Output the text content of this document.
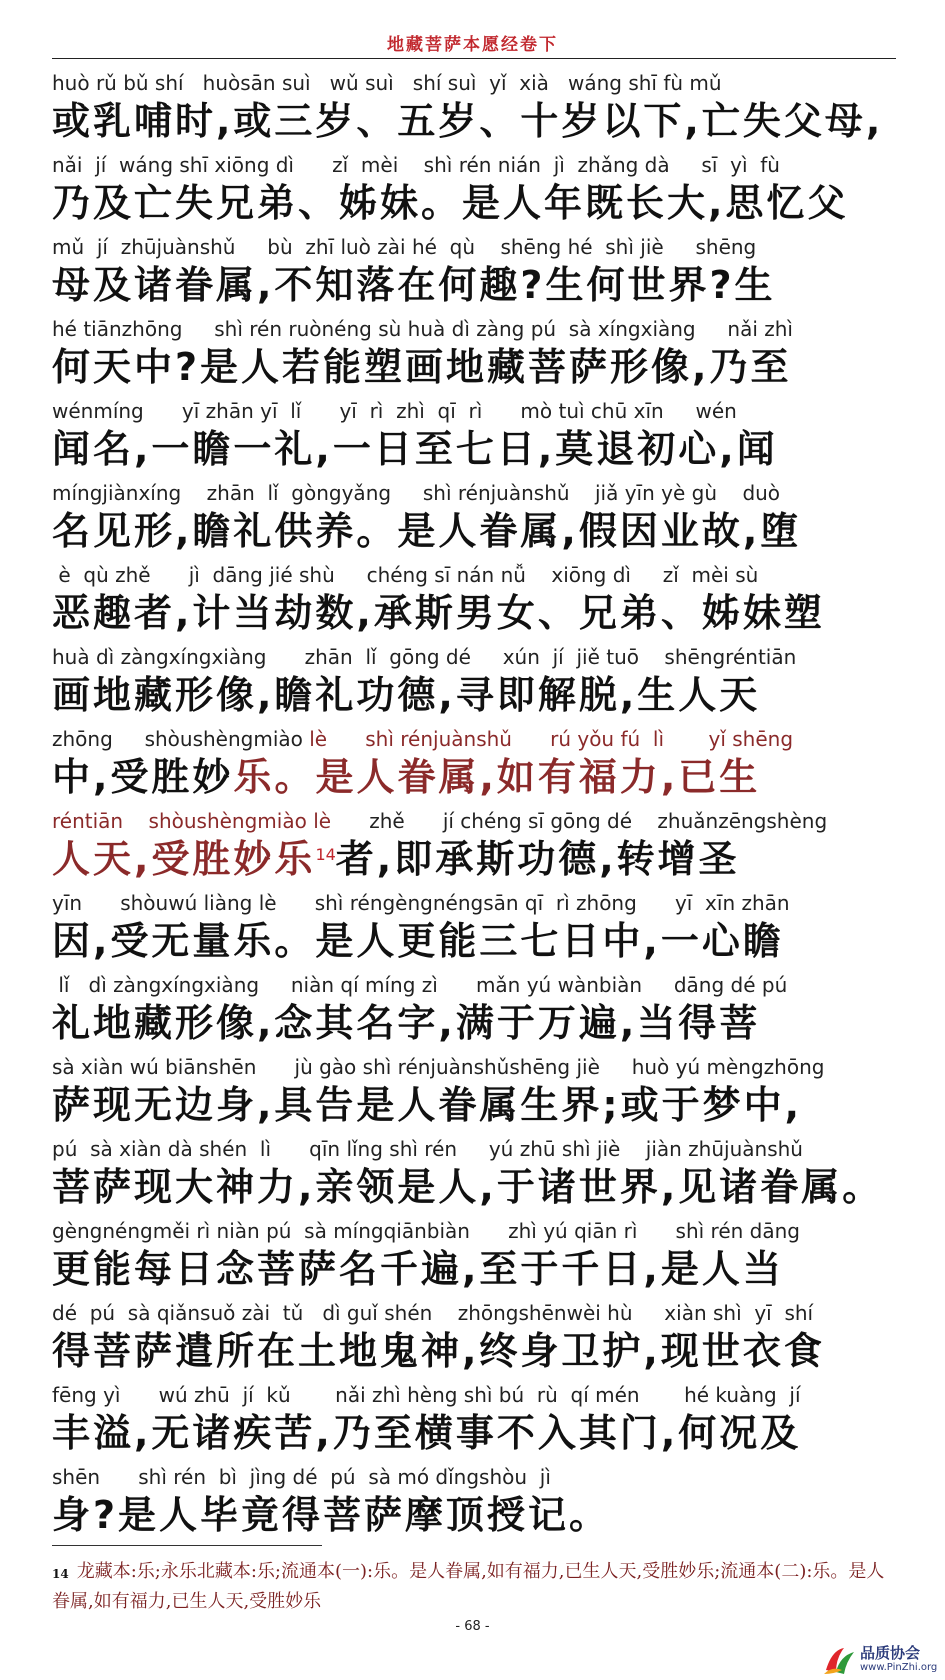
地藏菩萨本愿经卷下
huò rǔ bǔ shí   huòsān suì   wǔ suì   shí suì  yǐ  xià   wáng shī fù mǔ
或乳哺时,或三岁、五岁、十岁以下,亡失父母,
nǎi  jí  wáng shī xiōng dì      zǐ  mèi    shì rén nián  jì  zhǎng dà     sī  yì  fù
乃及亡失兄弟、姊妹。是人年既长大,思忆父
mǔ  jí  zhūjuànshǔ     bù  zhī luò zài hé  qù    shēng hé  shì jiè     shēng
母及诸眷属,不知落在何趣?生何世界?生
hé tiānzhōng     shì rén ruònéng sù huà dì zàng pú  sà xíngxiàng     nǎi zhì
何天中?是人若能塑画地藏菩萨形像,乃至
wénmíng      yī zhān yī  lǐ      yī  rì  zhì  qī  rì      mò tuì chū xīn     wén
闻名,一瞻一礼,一日至七日,莫退初心,闻
míngjiànxíng    zhān  lǐ  gòngyǎng     shì rénjuànshǔ    jiǎ yīn yè gù    duò
名见形,瞻礼供养。是人眷属,假因业故,堕
è  qù zhě      jì  dāng jié shù     chéng sī nán nǚ    xiōng dì     zǐ  mèi sù
恶趣者,计当劫数,承斯男女、兄弟、姊妹塑
huà dì zàngxíngxiàng      zhān  lǐ  gōng dé     xún  jí  jiě tuō    shēngréntiān
画地藏形像,瞻礼功德,寻即解脱,生人天
zhōng     shòushèngmiào lè      shì rénjuànshǔ      rú yǒu fú  lì       yǐ shēng
中,受胜妙乐。是人眷属,如有福力,已生
réntiān    shòushèngmiào lè      zhě      jí chéng sī gōng dé    zhuǎnzēngshèng
人天,受胜妙乐$^{14}$者,即承斯功德,转增圣
yīn      shòuwú liàng lè      shì réngèngnéngsān qī  rì zhōng      yī  xīn zhān
因,受无量乐。是人更能三七日中,一心瞻
lǐ   dì zàngxíngxiàng     niàn qí míng zì      mǎn yú wànbiàn     dāng dé pú
礼地藏形像,念其名字,满于万遍,当得菩
sà xiàn wú biānshēn      jù gào shì rénjuànshǔshēng jiè     huò yú mèngzhōng
萨现无边身,具告是人眷属生界;或于梦中,
pú  sà xiàn dà shén  lì      qīn lǐng shì rén     yú zhū shì jiè    jiàn zhūjuànshǔ
菩萨现大神力,亲领是人,于诸世界,见诸眷属。
gèngnéngměi rì niàn pú  sà míngqiānbiàn      zhì yú qiān rì      shì rén dāng
更能每日念菩萨名千遍,至于千日,是人当
dé  pú  sà qiǎnsuǒ zài  tǔ   dì guǐ shén    zhōngshēnwèi hù     xiàn shì  yī  shí
得菩萨遣所在土地鬼神,终身卫护,现世衣食
fēng yì      wú zhū  jí  kǔ       nǎi zhì hèng shì bú  rù  qí mén       hé kuàng  jí
丰溢,无诸疾苦,乃至横事不入其门,何况及
shēn      shì rén  bì  jìng dé  pú  sà mó dǐngshòu  jì
身?是人毕竟得菩萨摩顶授记。
$^{14}$ 龙藏本:乐;永乐北藏本:乐;流通本(一):乐。是人眷属,如有福力,已生人天,受胜妙乐;流通本(二):乐。是人眷属,如有福力,已生人天,受胜妙乐
- 68 -
品质协会
www.PinZhi.org
